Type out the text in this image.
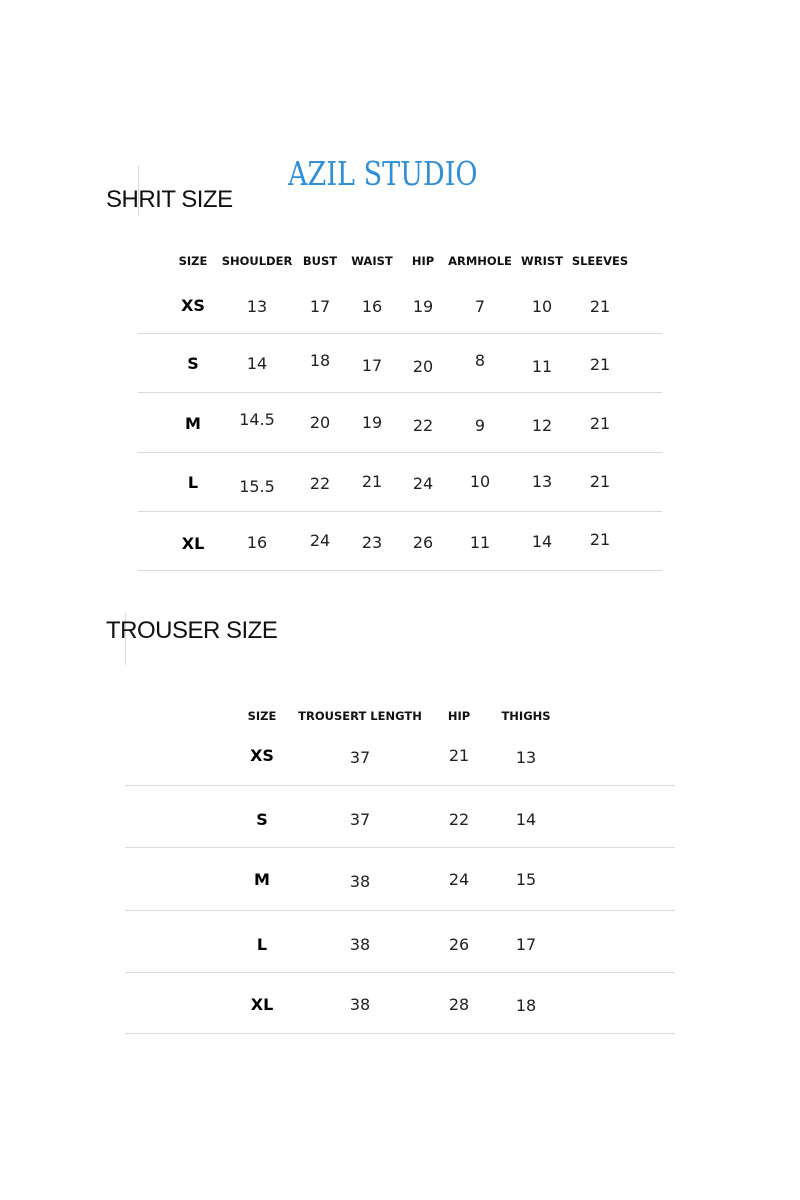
AZIL STUDIO
SHRIT SIZE
SIZE SHOULDER BUST WAIST HIP ARMHOLE WRIST SLEEVES
XS	13	17 16 19	7	10 21
S	14	18 17 20	8	11 21
M 14.5 20 19 22	9	12 21
L	15.5 22 21 24 10	13 21
XL	16	24 23 26 11	14 21
TROUSER SIZE
SIZE TROUSERT LENGTH HIP	THIGHS
XS	37	21	13
S	37	22	14
M	38	24	15
L	38	26	17
XL	38	28	18
